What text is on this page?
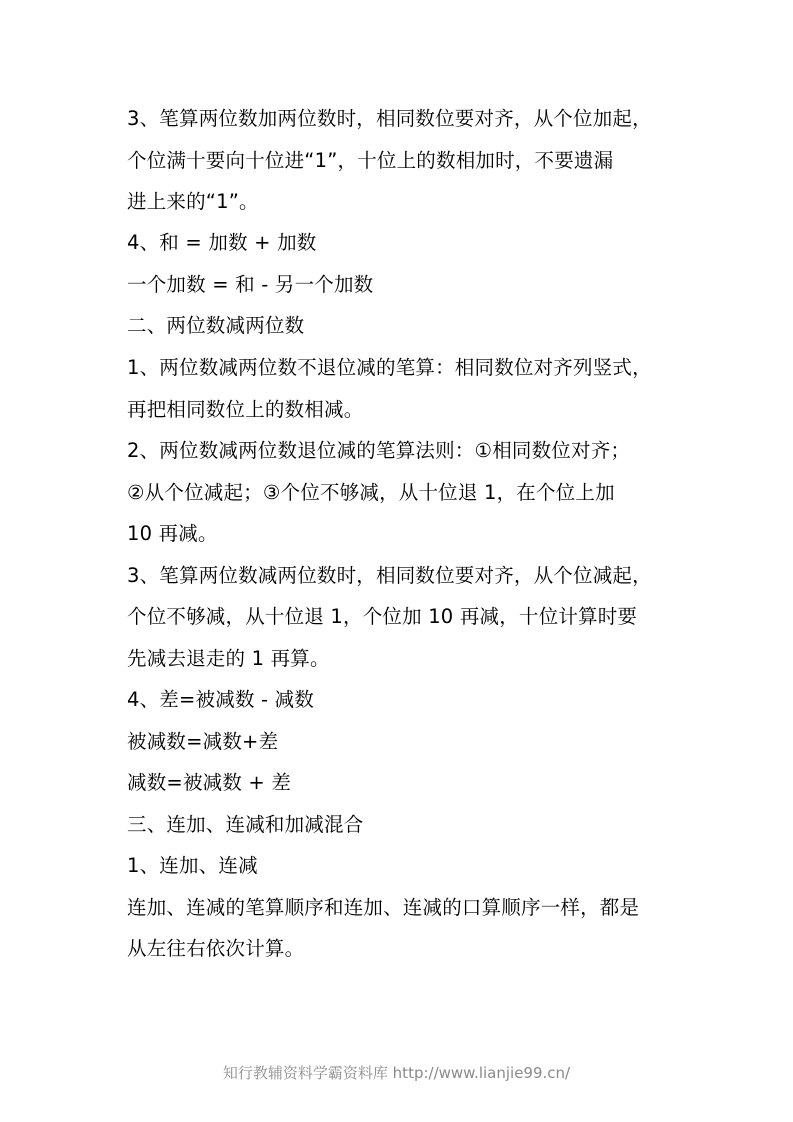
3、笔算两位数加两位数时，相同数位要对齐，从个位加起，
个位满十要向十位进“1”，十位上的数相加时，不要遗漏
进上来的“1”。
4、和 = 加数 + 加数
一个加数 = 和 - 另一个加数
二、两位数减两位数
1、两位数减两位数不退位减的笔算：相同数位对齐列竖式，
再把相同数位上的数相减。
2、两位数减两位数退位减的笔算法则：①相同数位对齐；
②从个位减起；③个位不够减，从十位退 1，在个位上加
10 再减。
3、笔算两位数减两位数时，相同数位要对齐，从个位减起，
个位不够减，从十位退 1，个位加 10 再减，十位计算时要
先减去退走的 1 再算。
4、差=被减数 - 减数
被减数=减数+差
减数=被减数 + 差
三、连加、连减和加减混合
1、连加、连减
连加、连减的笔算顺序和连加、连减的口算顺序一样，都是
从左往右依次计算。
知行教辅资料学霸资料库 http://www.lianjie99.cn/
